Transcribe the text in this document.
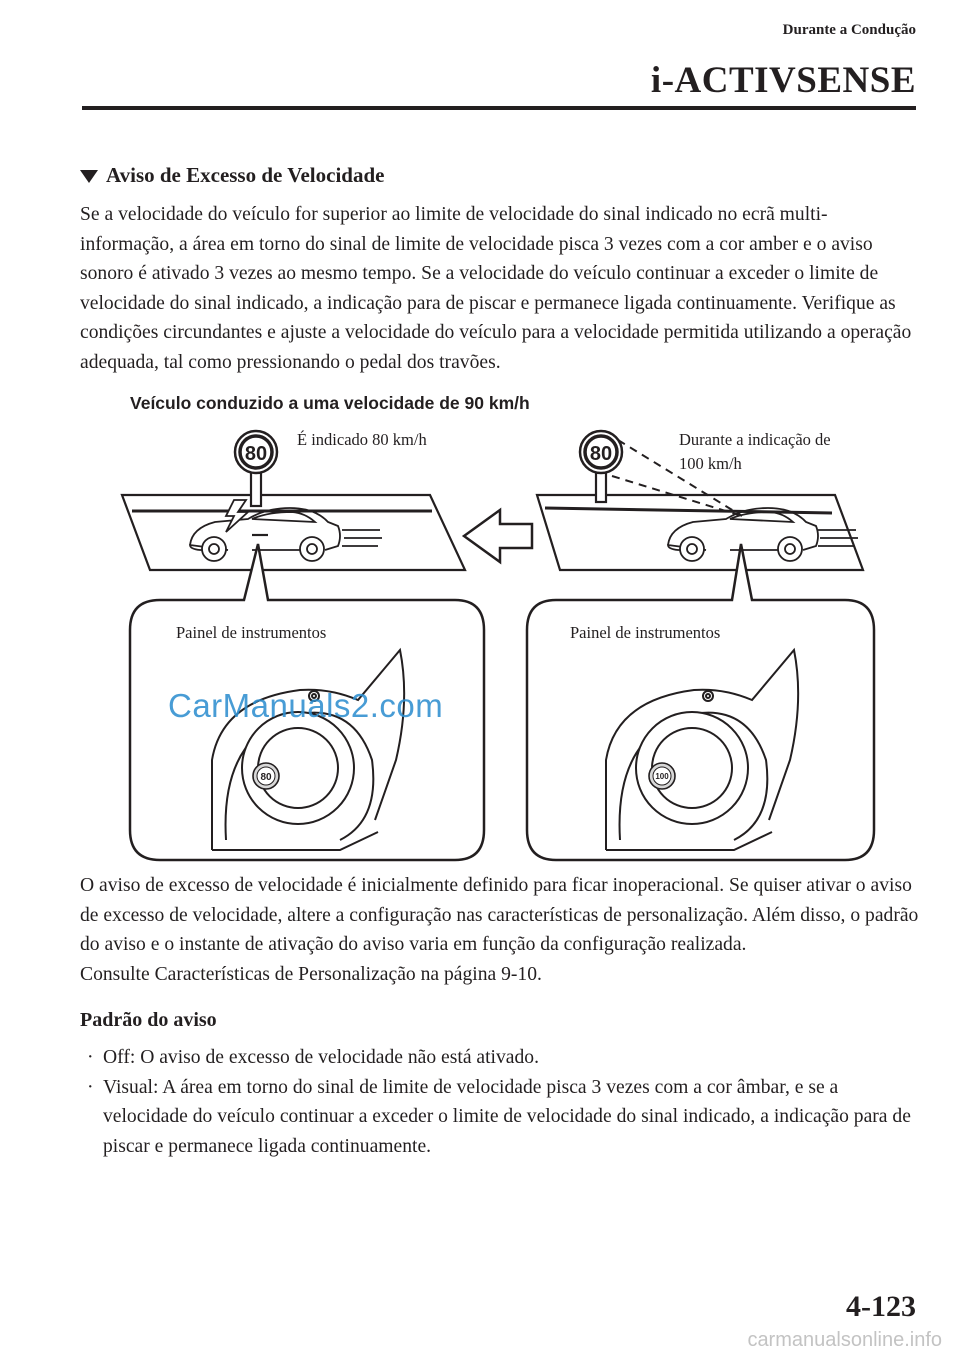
Durante a Condução
i-ACTIVSENSE
Aviso de Excesso de Velocidade

Se a velocidade do veículo for superior ao limite de velocidade do sinal indicado no ecrã multi-informação, a área em torno do sinal de limite de velocidade pisca 3 vezes com a cor amber e o aviso sonoro é ativado 3 vezes ao mesmo tempo. Se a velocidade do veículo continuar a exceder o limite de velocidade do sinal indicado, a indicação para de piscar e permanece ligada continuamente. Verifique as condições circundantes e ajuste a velocidade do veículo para a velocidade permitida utilizando a operação adequada, tal como pressionando o pedal dos travões.

Veículo conduzido a uma velocidade de 90 km/h
80	80
80	100
É indicado 80 km/h	Durante a indicação de
100 km/h
Painel de instrumentos	Painel de instrumentos
CarManuals2.com

O aviso de excesso de velocidade é inicialmente definido para ficar inoperacional. Se quiser ativar o aviso de excesso de velocidade, altere a configuração nas características de personalização. Além disso, o padrão do aviso e o instante de ativação do aviso varia em função da configuração realizada.
Consulte Características de Personalização na página 9-10.

Padrão do aviso
· Off: O aviso de excesso de velocidade não está ativado.
· Visual: A área em torno do sinal de limite de velocidade pisca 3 vezes com a cor âmbar, e se a velocidade do veículo continuar a exceder o limite de velocidade do sinal indicado, a indicação para de piscar e permanece ligada continuamente.
4-123
carmanualsonline.info
